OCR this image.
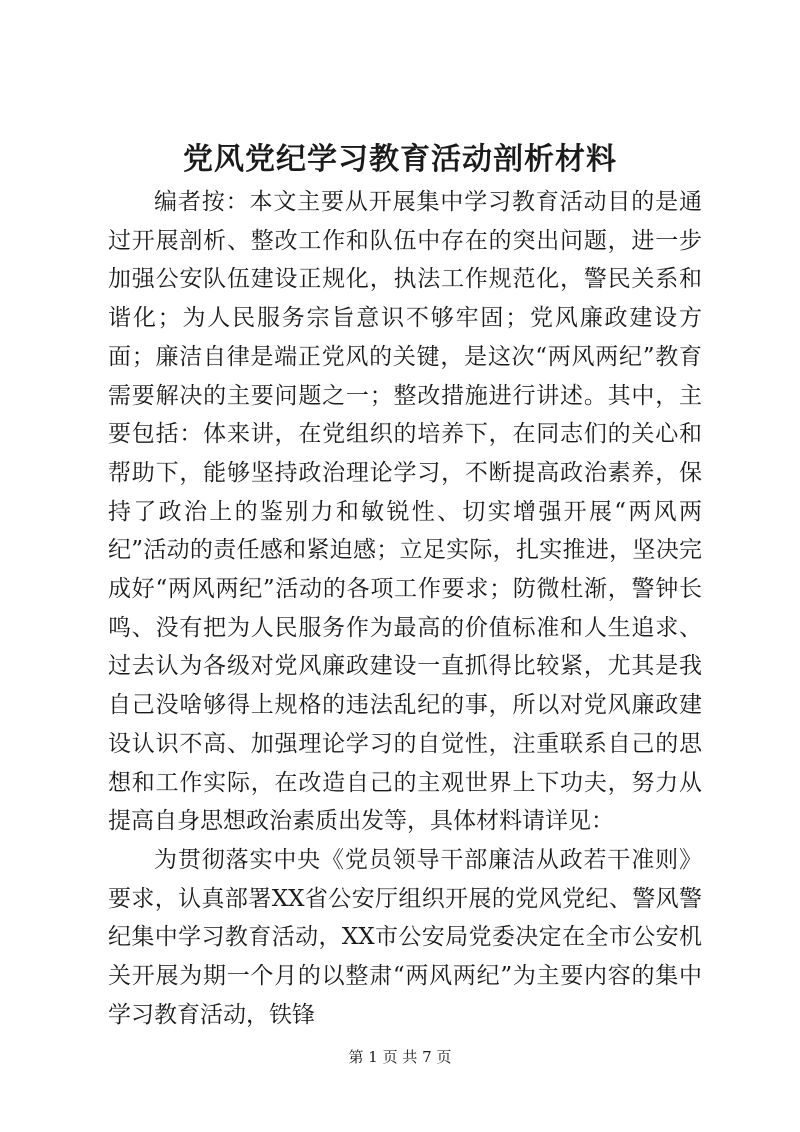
党风党纪学习教育活动剖析材料

编者按：本文主要从开展集中学习教育活动目的是通过开展剖析、整改工作和队伍中存在的突出问题，进一步加强公安队伍建设正规化，执法工作规范化，警民关系和谐化；为人民服务宗旨意识不够牢固；党风廉政建设方面；廉洁自律是端正党风的关键，是这次“两风两纪”教育需要解决的主要问题之一；整改措施进行讲述。其中，主要包括：体来讲，在党组织的培养下，在同志们的关心和帮助下，能够坚持政治理论学习，不断提高政治素养，保持了政治上的鉴别力和敏锐性、切实增强开展“两风两纪”活动的责任感和紧迫感；立足实际，扎实推进，坚决完成好“两风两纪”活动的各项工作要求；防微杜渐，警钟长鸣、没有把为人民服务作为最高的价值标准和人生追求、过去认为各级对党风廉政建设一直抓得比较紧，尤其是我自己没啥够得上规格的违法乱纪的事，所以对党风廉政建设认识不高、加强理论学习的自觉性，注重联系自己的思想和工作实际，在改造自己的主观世界上下功夫，努力从提高自身思想政治素质出发等，具体材料请详见：

为贯彻落实中央《党员领导干部廉洁从政若干准则》要求，认真部署XX省公安厅组织开展的党风党纪、警风警纪集中学习教育活动，XX市公安局党委决定在全市公安机关开展为期一个月的以整肃“两风两纪”为主要内容的集中学习教育活动，铁锋

第 1 页 共 7 页
